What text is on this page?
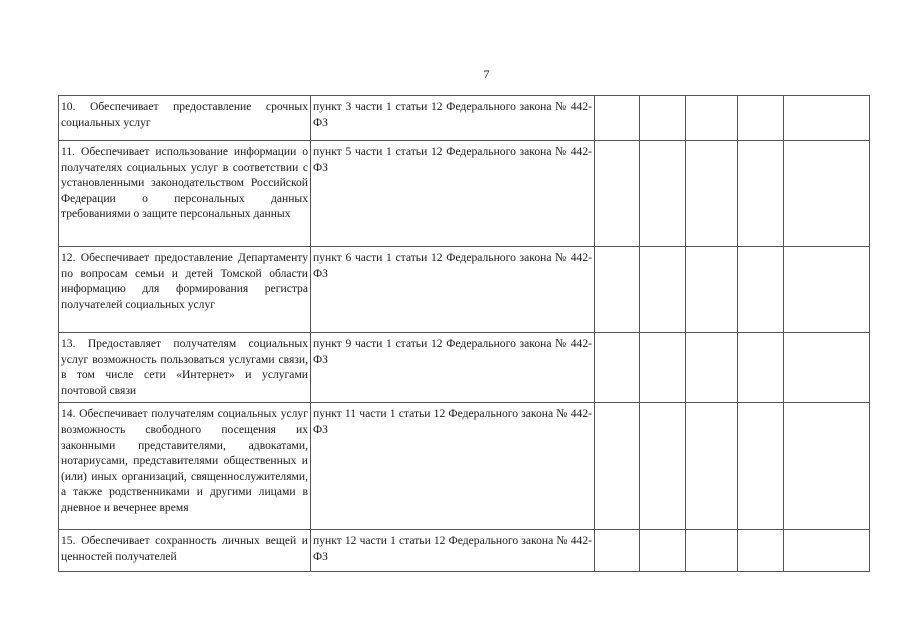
7
10. Обеспечивает предоставление срочных социальных услуг	пункт 3 части 1 статьи 12 Федерального закона № 442-ФЗ					
11. Обеспечивает использование информации о получателях социальных услуг в соответствии с установленными законодательством Российской Федерации о персональных данных требованиями о защите персональных данных	пункт 5 части 1 статьи 12 Федерального закона № 442-ФЗ					
12. Обеспечивает предоставление Департаменту по вопросам семьи и детей Томской области информацию для формирования регистра получателей социальных услуг	пункт 6 части 1 статьи 12 Федерального закона № 442-ФЗ					
13. Предоставляет получателям социальных услуг возможность пользоваться услугами связи, в том числе сети «Интернет» и услугами почтовой связи	пункт 9 части 1 статьи 12 Федерального закона № 442-ФЗ					
14. Обеспечивает получателям социальных услуг возможность свободного посещения их законными представителями, адвокатами, нотариусами, представителями общественных и (или) иных организаций, священнослужителями, а также родственниками и другими лицами в дневное и вечернее время	пункт 11 части 1 статьи 12 Федерального закона № 442-ФЗ					
15. Обеспечивает сохранность личных вещей и ценностей получателей	пункт 12 части 1 статьи 12 Федерального закона № 442-ФЗ					
